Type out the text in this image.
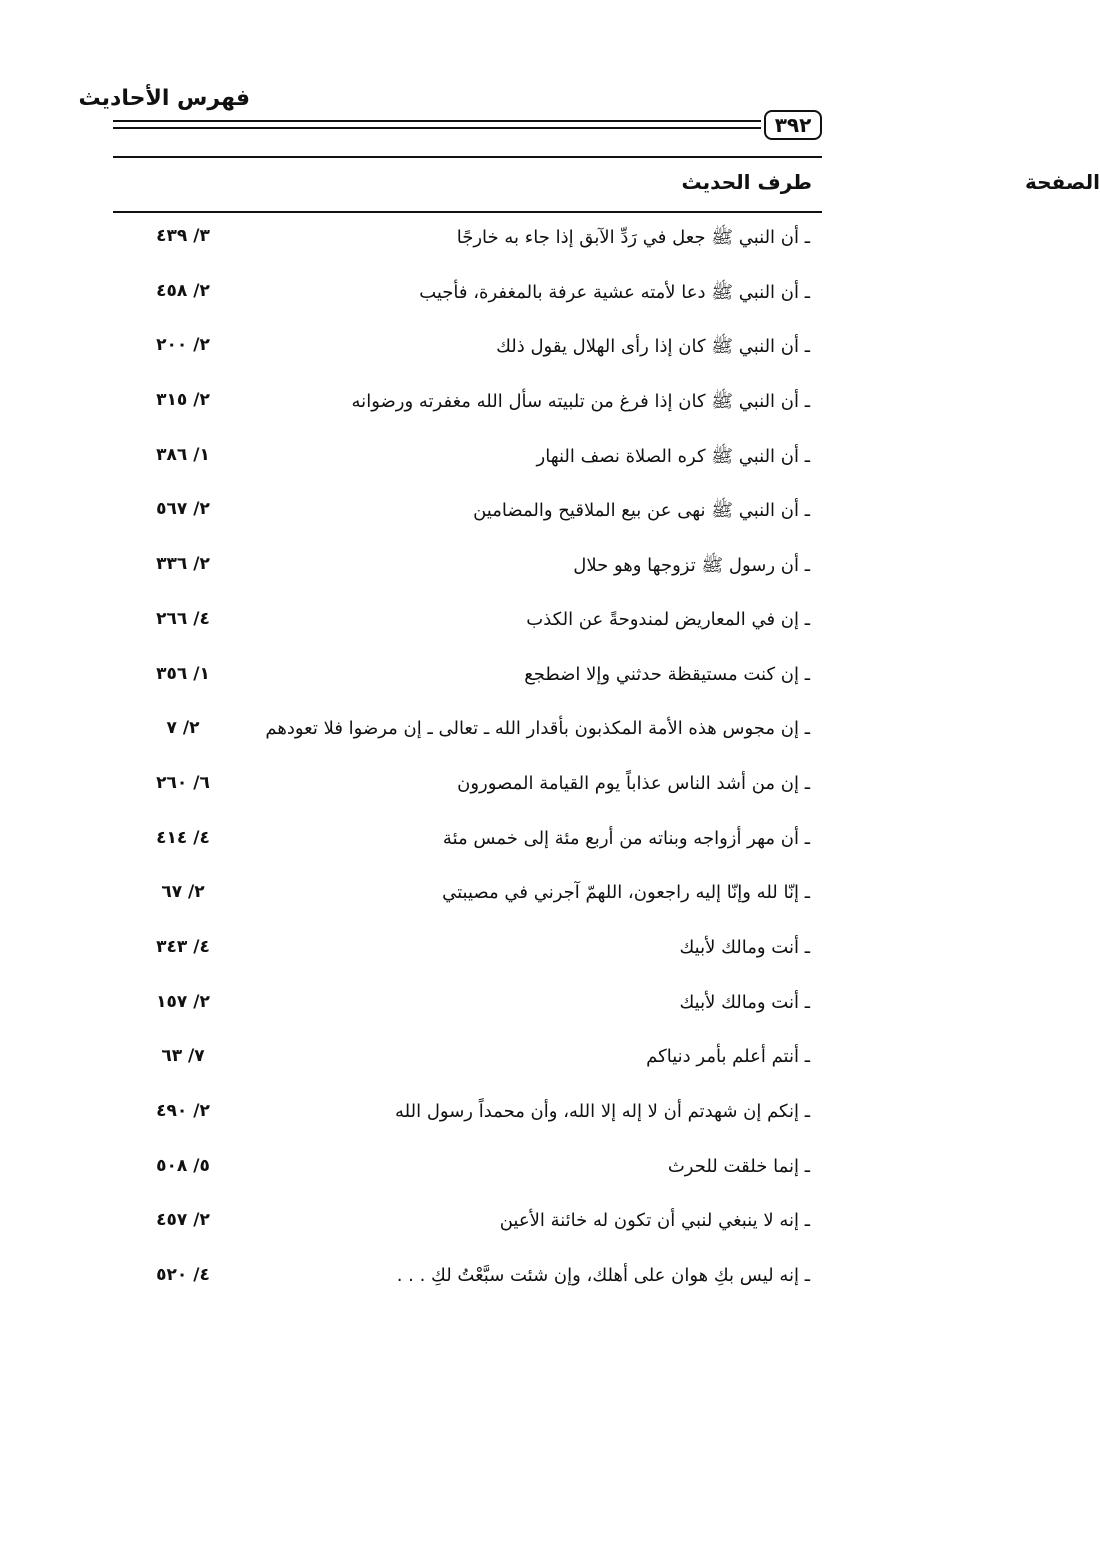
فهرس الأحاديث
٣٩٢
طرف الحديث	الصفحة
ـ أن النبي ﷺ جعل في رَدِّ الآبق إذا جاء به خارجًا
٣/ ٤٣٩
ـ أن النبي ﷺ دعا لأمته عشية عرفة بالمغفرة، فأجيب
٢/ ٤٥٨
ـ أن النبي ﷺ كان إذا رأى الهلال يقول ذلك
٢/ ٢٠٠
ـ أن النبي ﷺ كان إذا فرغ من تلبيته سأل الله مغفرته ورضوانه
٢/ ٣١٥
ـ أن النبي ﷺ كره الصلاة نصف النهار
١/ ٣٨٦
ـ أن النبي ﷺ نهى عن بيع الملاقيح والمضامين
٢/ ٥٦٧
ـ أن رسول ﷺ تزوجها وهو حلال
٢/ ٣٣٦
ـ إن في المعاريض لمندوحةً عن الكذب
٤/ ٢٦٦
ـ إن كنت مستيقظة حدثني وإلا اضطجع
١/ ٣٥٦
ـ إن مجوس هذه الأمة المكذبون بأقدار الله ـ تعالى ـ إن مرضوا فلا تعودهم
٢/ ٧
ـ إن من أشد الناس عذاباً يوم القيامة المصورون
٦/ ٢٦٠
ـ أن مهر أزواجه وبناته من أربع مئة إلى خمس مئة
٤/ ٤١٤
ـ إنّا لله وإنّا إليه راجعون، اللهمّ آجرني في مصيبتي
٢/ ٦٧
ـ أنت ومالك لأبيك
٤/ ٣٤٣
ـ أنت ومالك لأبيك
٢/ ١٥٧
ـ أنتم أعلم بأمر دنياكم
٧/ ٦٣
ـ إنكم إن شهدتم أن لا إله إلا الله، وأن محمداً رسول الله
٢/ ٤٩٠
ـ إنما خلقت للحرث
٥/ ٥٠٨
ـ إنه لا ينبغي لنبي أن تكون له خائنة الأعين
٢/ ٤٥٧
ـ إنه ليس بكِ هوان على أهلك، وإن شئت سبَّعْتُ لكِ . . .
٤/ ٥٢٠
